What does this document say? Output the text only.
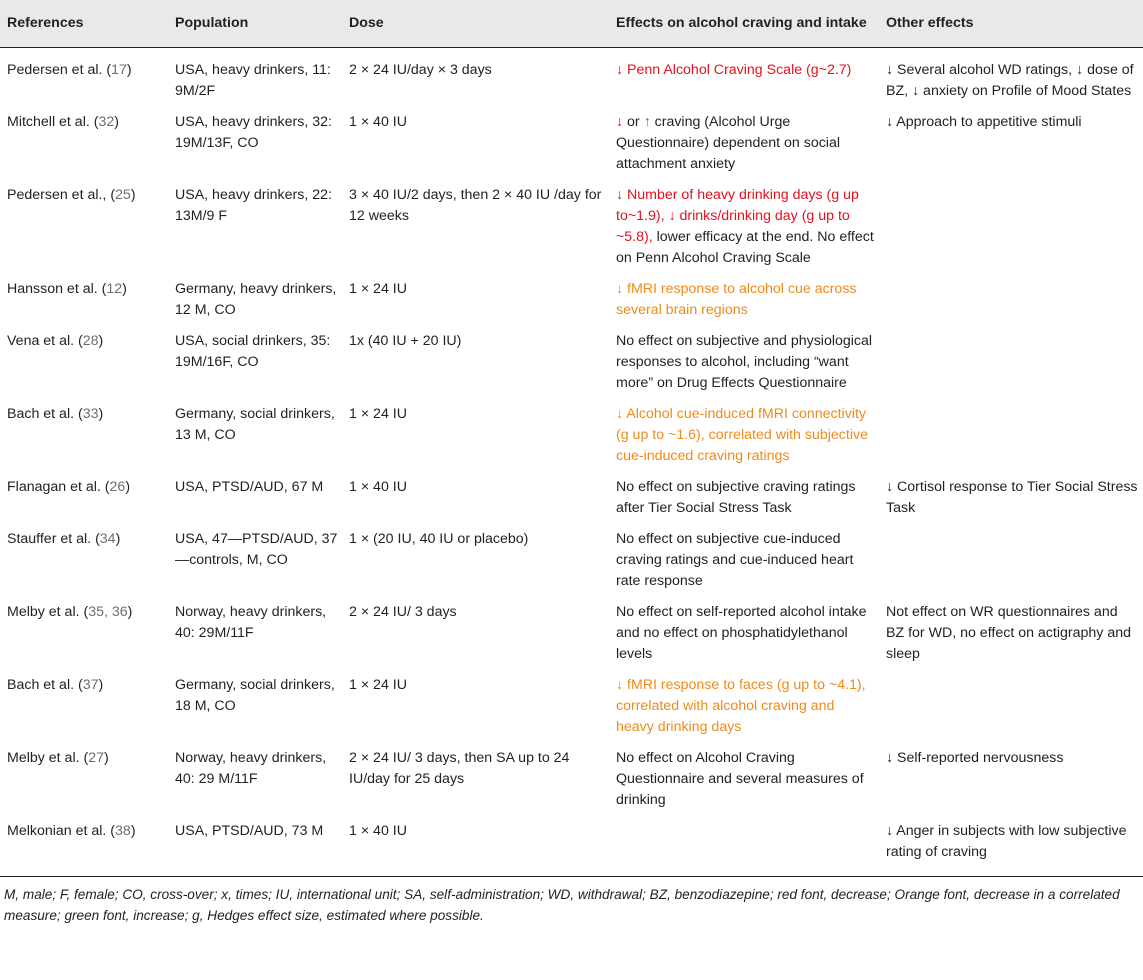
References	Population	Dose	Effects on alcohol craving and intake	Other effects
Pedersen et al. (17)	USA, heavy drinkers, 11: 9M/2F	2 × 24 IU/day × 3 days	↓ Penn Alcohol Craving Scale (g~2.7)	↓ Several alcohol WD ratings, ↓ dose of BZ, ↓ anxiety on Profile of Mood States
Mitchell et al. (32)	USA, heavy drinkers, 32: 19M/13F, CO	1 × 40 IU	↓ or ↑ craving (Alcohol Urge Questionnaire) dependent on social attachment anxiety	↓ Approach to appetitive stimuli
Pedersen et al., (25)	USA, heavy drinkers, 22: 13M/9 F	3 × 40 IU/2 days, then 2 × 40 IU /day for 12 weeks	↓ Number of heavy drinking days (g up to~1.9), ↓ drinks/drinking day (g up to ~5.8), lower efficacy at the end. No effect on Penn Alcohol Craving Scale	
Hansson et al. (12)	Germany, heavy drinkers, 12 M, CO	1 × 24 IU	↓ fMRI response to alcohol cue across several brain regions	
Vena et al. (28)	USA, social drinkers, 35: 19M/16F, CO	1x (40 IU + 20 IU)	No effect on subjective and physiological responses to alcohol, including “want more” on Drug Effects Questionnaire	
Bach et al. (33)	Germany, social drinkers, 13 M, CO	1 × 24 IU	↓ Alcohol cue-induced fMRI connectivity (g up to ~1.6), correlated with subjective cue-induced craving ratings	
Flanagan et al. (26)	USA, PTSD/AUD, 67 M	1 × 40 IU	No effect on subjective craving ratings after Tier Social Stress Task	↓ Cortisol response to Tier Social Stress Task
Stauffer et al. (34)	USA, 47—PTSD/AUD, 37—controls, M, CO	1 × (20 IU, 40 IU or placebo)	No effect on subjective cue-induced craving ratings and cue-induced heart rate response	
Melby et al. (35, 36)	Norway, heavy drinkers, 40: 29M/11F	2 × 24 IU/ 3 days	No effect on self-reported alcohol intake and no effect on phosphatidylethanol levels	Not effect on WR questionnaires and BZ for WD, no effect on actigraphy and sleep
Bach et al. (37)	Germany, social drinkers, 18 M, CO	1 × 24 IU	↓ fMRI response to faces (g up to ~4.1), correlated with alcohol craving and heavy drinking days	
Melby et al. (27)	Norway, heavy drinkers, 40: 29 M/11F	2 × 24 IU/ 3 days, then SA up to 24 IU/day for 25 days	No effect on Alcohol Craving Questionnaire and several measures of drinking	↓ Self-reported nervousness
Melkonian et al. (38)	USA, PTSD/AUD, 73 M	1 × 40 IU		↓ Anger in subjects with low subjective rating of craving
M, male; F, female; CO, cross-over; x, times; IU, international unit; SA, self-administration; WD, withdrawal; BZ, benzodiazepine; red font, decrease; Orange font, decrease in a correlated measure; green font, increase; g, Hedges effect size, estimated where possible.
